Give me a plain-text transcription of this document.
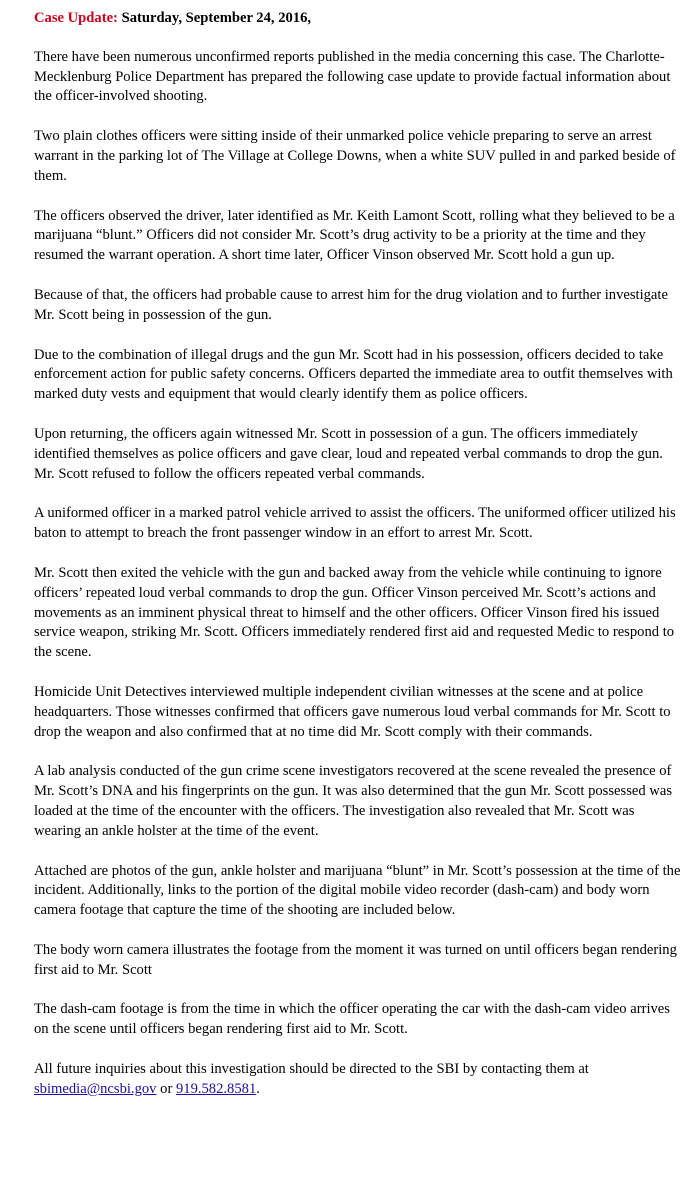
Case Update: Saturday, September 24, 2016,

There have been numerous unconfirmed reports published in the media concerning this case. The Charlotte-Mecklenburg Police Department has prepared the following case update to provide factual information about the officer-involved shooting.

Two plain clothes officers were sitting inside of their unmarked police vehicle preparing to serve an arrest warrant in the parking lot of The Village at College Downs, when a white SUV pulled in and parked beside of them.

The officers observed the driver, later identified as Mr. Keith Lamont Scott, rolling what they believed to be a marijuana “blunt.” Officers did not consider Mr. Scott’s drug activity to be a priority at the time and they resumed the warrant operation. A short time later, Officer Vinson observed Mr. Scott hold a gun up.

Because of that, the officers had probable cause to arrest him for the drug violation and to further investigate Mr. Scott being in possession of the gun.

Due to the combination of illegal drugs and the gun Mr. Scott had in his possession, officers decided to take enforcement action for public safety concerns. Officers departed the immediate area to outfit themselves with marked duty vests and equipment that would clearly identify them as police officers.

Upon returning, the officers again witnessed Mr. Scott in possession of a gun. The officers immediately identified themselves as police officers and gave clear, loud and repeated verbal commands to drop the gun. Mr. Scott refused to follow the officers repeated verbal commands.

A uniformed officer in a marked patrol vehicle arrived to assist the officers. The uniformed officer utilized his baton to attempt to breach the front passenger window in an effort to arrest Mr. Scott.

Mr. Scott then exited the vehicle with the gun and backed away from the vehicle while continuing to ignore officers’ repeated loud verbal commands to drop the gun. Officer Vinson perceived Mr. Scott’s actions and movements as an imminent physical threat to himself and the other officers. Officer Vinson fired his issued service weapon, striking Mr. Scott. Officers immediately rendered first aid and requested Medic to respond to the scene.

Homicide Unit Detectives interviewed multiple independent civilian witnesses at the scene and at police headquarters. Those witnesses confirmed that officers gave numerous loud verbal commands for Mr. Scott to drop the weapon and also confirmed that at no time did Mr. Scott comply with their commands.

A lab analysis conducted of the gun crime scene investigators recovered at the scene revealed the presence of Mr. Scott’s DNA and his fingerprints on the gun. It was also determined that the gun Mr. Scott possessed was loaded at the time of the encounter with the officers. The investigation also revealed that Mr. Scott was wearing an ankle holster at the time of the event.

Attached are photos of the gun, ankle holster and marijuana “blunt” in Mr. Scott’s possession at the time of the incident. Additionally, links to the portion of the digital mobile video recorder (dash-cam) and body worn camera footage that capture the time of the shooting are included below.

The body worn camera illustrates the footage from the moment it was turned on until officers began rendering first aid to Mr. Scott

The dash-cam footage is from the time in which the officer operating the car with the dash-cam video arrives on the scene until officers began rendering first aid to Mr. Scott.

All future inquiries about this investigation should be directed to the SBI by contacting them at sbimedia@ncsbi.gov or 919.582.8581.
